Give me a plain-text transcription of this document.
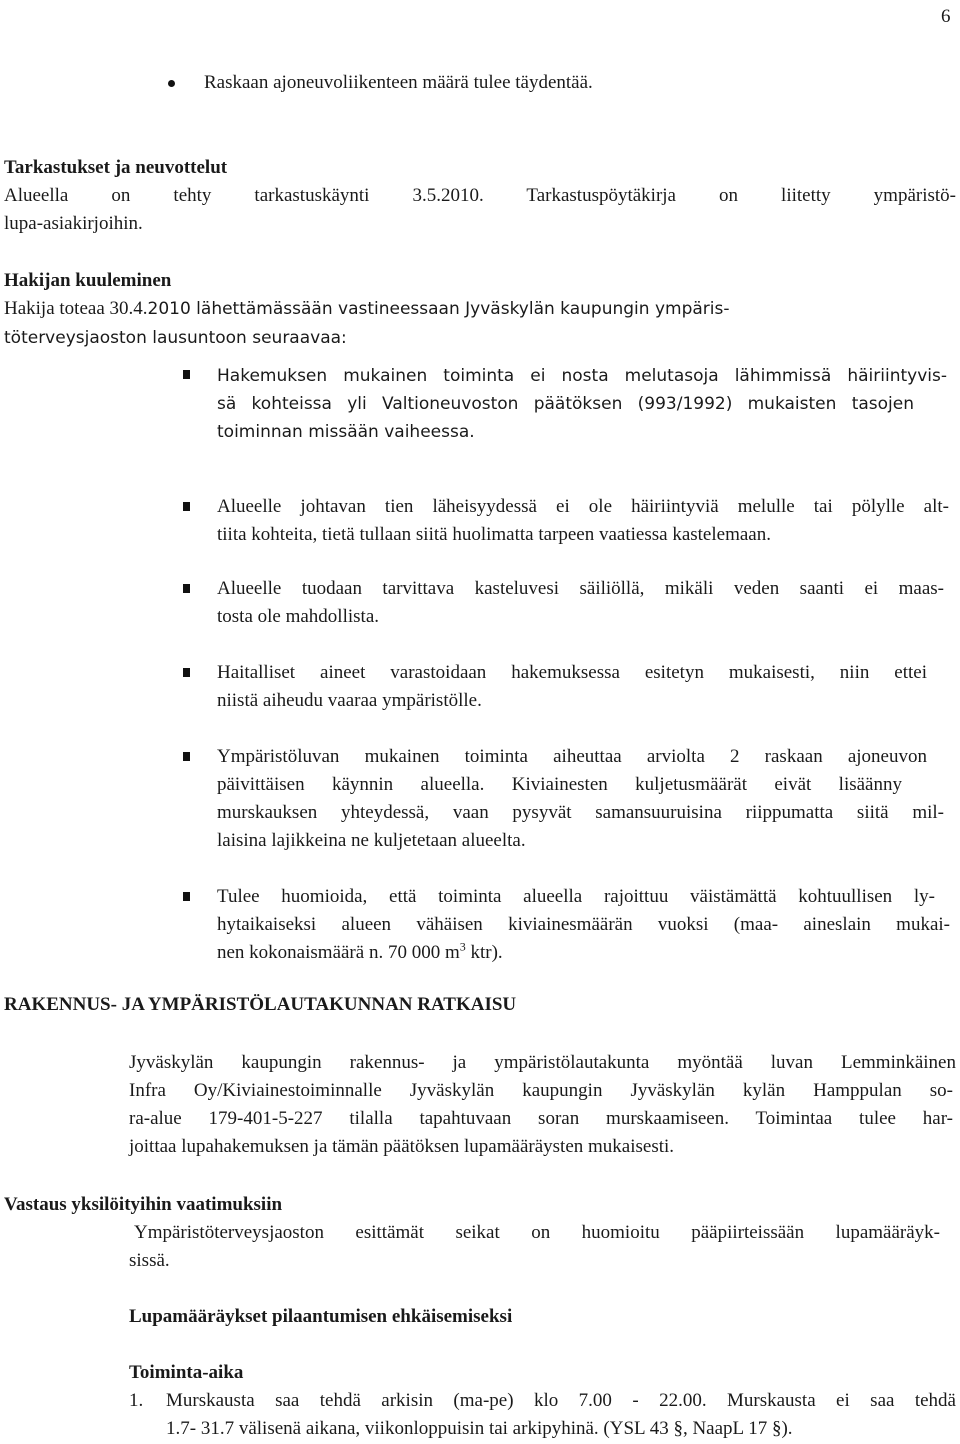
6
Raskaan ajoneuvoliikenteen määrä tulee täydentää.
Tarkastukset ja neuvottelut
Alueella on tehty tarkastuskäynti 3.5.2010. Tarkastuspöytäkirja on liitetty ympäristö-
lupa-asiakirjoihin.
Hakijan kuuleminen
Hakija toteaa 30.4.2010 lähettämässään vastineessaan Jyväskylän kaupungin ympäris-
töterveysjaoston lausuntoon seuraavaa:
Hakemuksen mukainen toiminta ei nosta melutasoja lähimmissä häiriintyvis-
sä kohteissa yli Valtioneuvoston päätöksen (993/1992) mukaisten tasojen
toiminnan missään vaiheessa.
Alueelle johtavan tien läheisyydessä ei ole häiriintyviä melulle tai pölylle alt-
tiita kohteita, tietä tullaan siitä huolimatta tarpeen vaatiessa kastelemaan.
Alueelle tuodaan tarvittava kasteluvesi säiliöllä, mikäli veden saanti ei maas-
tosta ole mahdollista.
Haitalliset aineet varastoidaan hakemuksessa esitetyn mukaisesti, niin ettei
niistä aiheudu vaaraa ympäristölle.
Ympäristöluvan mukainen toiminta aiheuttaa arviolta 2 raskaan ajoneuvon
päivittäisen käynnin alueella. Kiviainesten kuljetusmäärät eivät lisäänny
murskauksen yhteydessä, vaan pysyvät samansuuruisina riippumatta siitä mil-
laisina lajikkeina ne kuljetetaan alueelta.
Tulee huomioida, että toiminta alueella rajoittuu väistämättä kohtuullisen ly-
hytaikaiseksi alueen vähäisen kiviainesmäärän vuoksi (maa- aineslain mukai-
nen kokonaismäärä n. 70 000 $m^3$ ktr).
RAKENNUS- JA YMPÄRISTÖLAUTAKUNNAN RATKAISU
Jyväskylän kaupungin rakennus- ja ympäristölautakunta myöntää luvan Lemminkäinen
Infra Oy/Kiviainestoiminnalle Jyväskylän kaupungin Jyväskylän kylän Hamppulan so-
ra-alue 179-401-5-227 tilalla tapahtuvaan soran murskaamiseen. Toimintaa tulee har-
joittaa lupahakemuksen ja tämän päätöksen lupamääräysten mukaisesti.
Vastaus yksilöityihin vaatimuksiin
Ympäristöterveysjaoston esittämät seikat on huomioitu pääpiirteissään lupamääräyk-
sissä.
Lupamääräykset pilaantumisen ehkäisemiseksi
Toiminta-aika
1. Murskausta saa tehdä arkisin (ma-pe) klo 7.00 - 22.00. Murskausta ei saa tehdä
1.7- 31.7 välisenä aikana, viikonloppuisin tai arkipyhinä. (YSL 43 §, NaapL 17 §).
